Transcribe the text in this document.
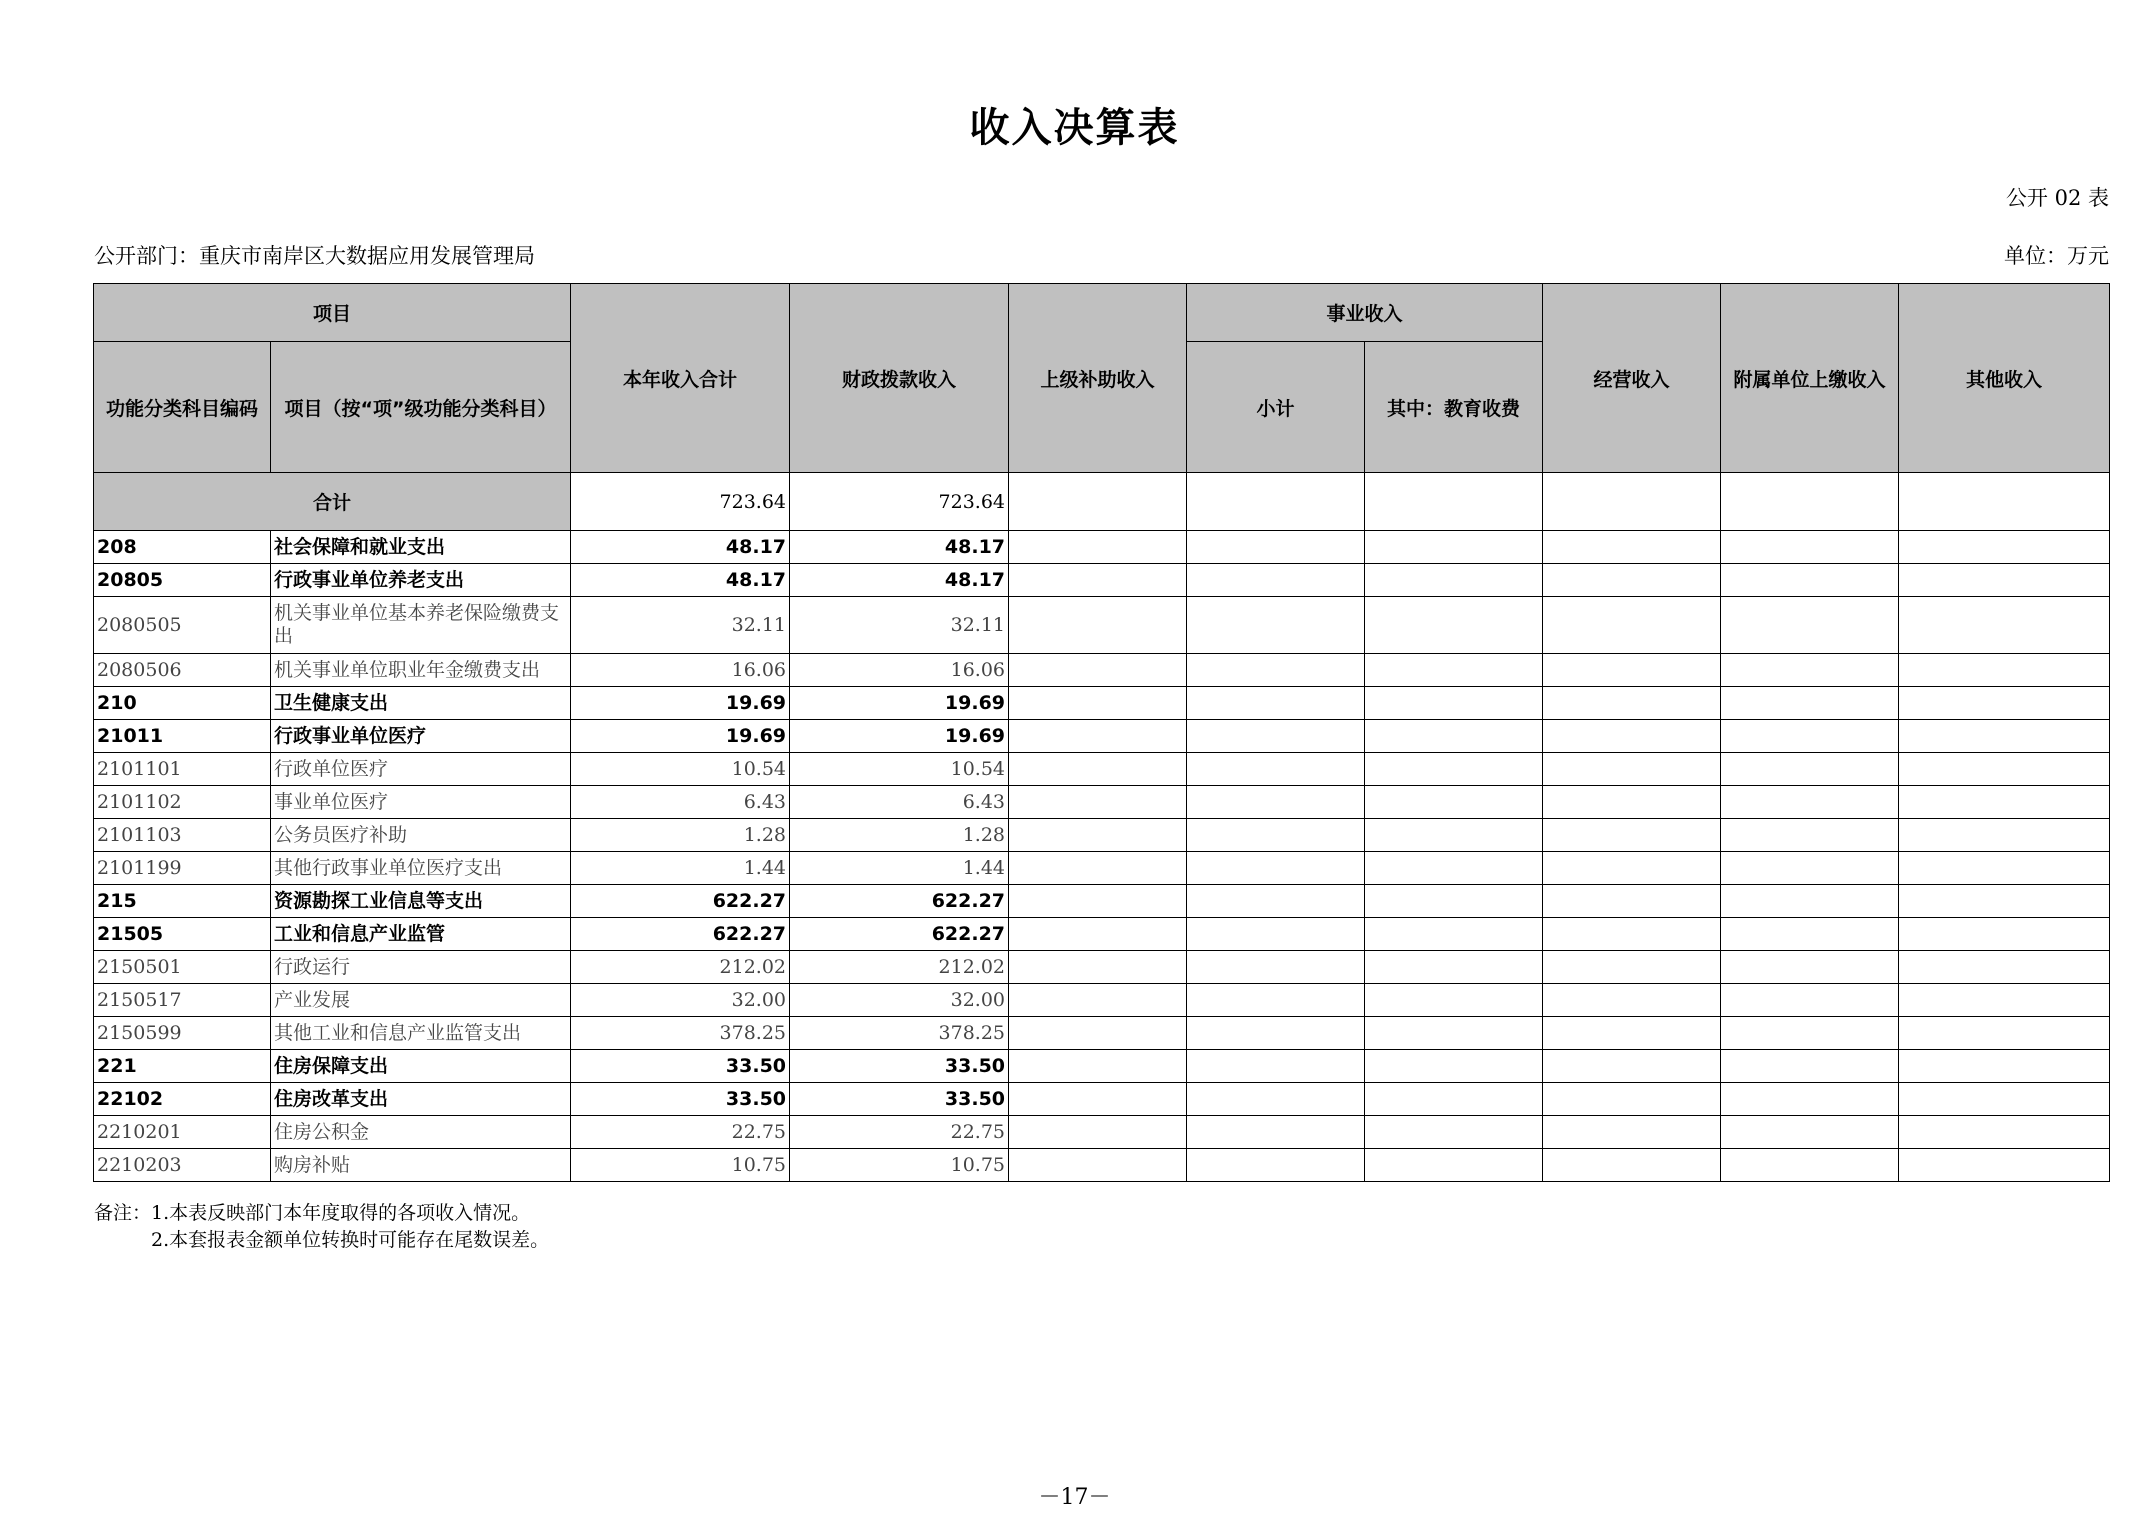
收入决算表
公开 02 表
公开部门：重庆市南岸区大数据应用发展管理局	单位：万元
项目		本年收入合计	财政拨款收入	上级补助收入	事业收入		经营收入	附属单位上缴收入	其他收入
功能分类科目编码	项目（按“项”级功能分类科目）				小计	其中：教育收费			
合计		723.64	723.64						
208	社会保障和就业支出	48.17	48.17						
20805	行政事业单位养老支出	48.17	48.17						
2080505	机关事业单位基本养老保险缴费支出	32.11	32.11						
2080506	机关事业单位职业年金缴费支出	16.06	16.06						
210	卫生健康支出	19.69	19.69						
21011	行政事业单位医疗	19.69	19.69						
2101101	行政单位医疗	10.54	10.54						
2101102	事业单位医疗	6.43	6.43						
2101103	公务员医疗补助	1.28	1.28						
2101199	其他行政事业单位医疗支出	1.44	1.44						
215	资源勘探工业信息等支出	622.27	622.27						
21505	工业和信息产业监管	622.27	622.27						
2150501	行政运行	212.02	212.02						
2150517	产业发展	32.00	32.00						
2150599	其他工业和信息产业监管支出	378.25	378.25						
221	住房保障支出	33.50	33.50						
22102	住房改革支出	33.50	33.50						
2210201	住房公积金	22.75	22.75						
2210203	购房补贴	10.75	10.75						
备注：1.本表反映部门本年度取得的各项收入情况。
2.本套报表金额单位转换时可能存在尾数误差。
－17－
